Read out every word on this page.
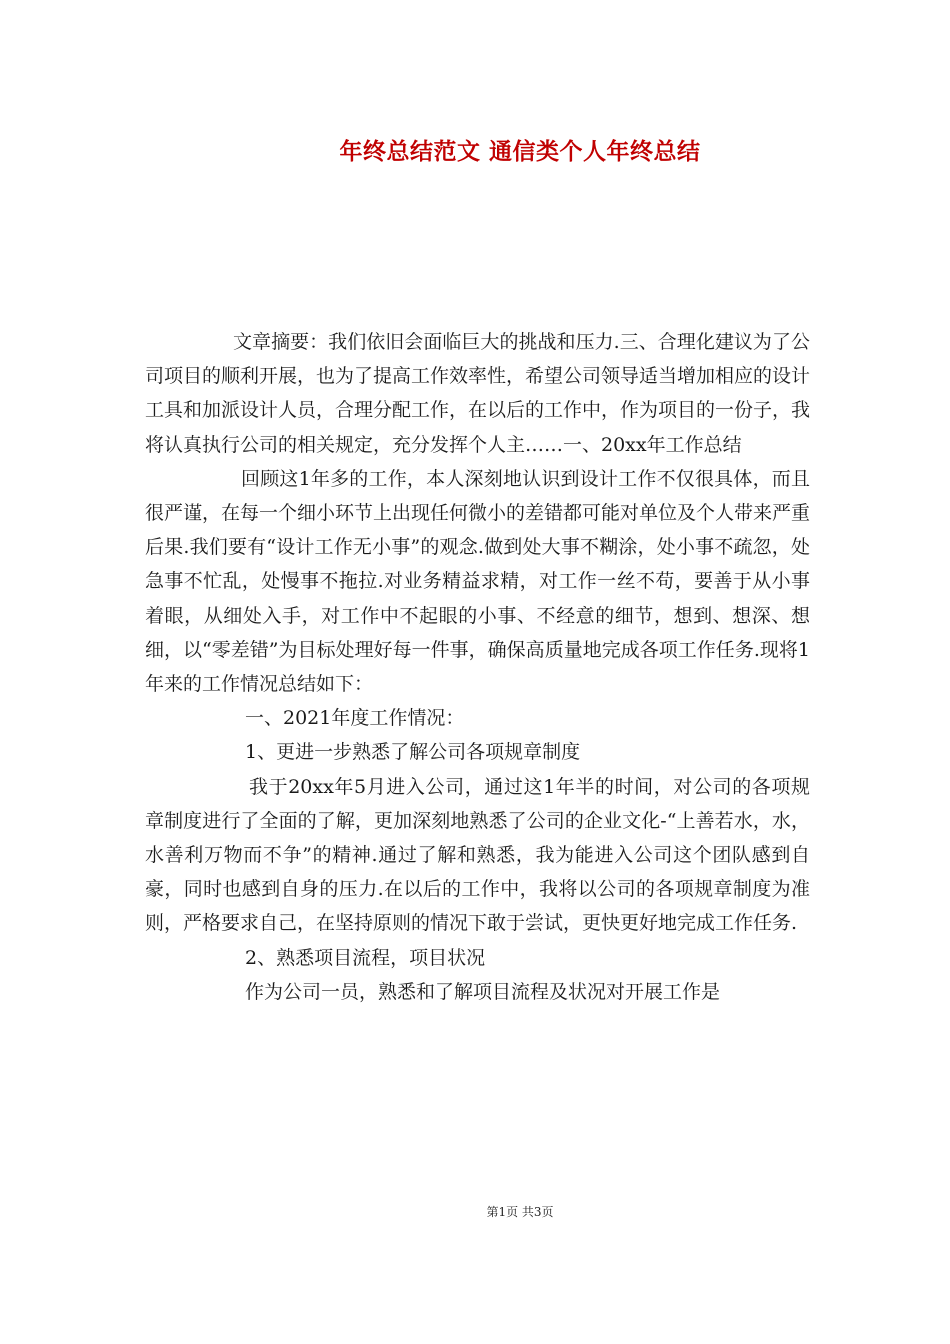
年终总结范文 通信类个人年终总结

文章摘要：我们依旧会面临巨大的挑战和压力.三、合理化建议为了公司项目的顺利开展，也为了提高工作效率性，希望公司领导适当增加相应的设计工具和加派设计人员，合理分配工作，在以后的工作中，作为项目的一份子，我将认真执行公司的相关规定，充分发挥个人主……一、20xx年工作总结

回顾这1年多的工作，本人深刻地认识到设计工作不仅很具体，而且很严谨，在每一个细小环节上出现任何微小的差错都可能对单位及个人带来严重后果.我们要有“设计工作无小事”的观念.做到处大事不糊涂，处小事不疏忽，处急事不忙乱，处慢事不拖拉.对业务精益求精，对工作一丝不苟，要善于从小事着眼，从细处入手，对工作中不起眼的小事、不经意的细节，想到、想深、想细，以“零差错”为目标处理好每一件事，确保高质量地完成各项工作任务.现将1年来的工作情况总结如下：

一、2021年度工作情况：

1、更进一步熟悉了解公司各项规章制度

我于20xx年5月进入公司，通过这1年半的时间，对公司的各项规章制度进行了全面的了解，更加深刻地熟悉了公司的企业文化-“上善若水，水，水善利万物而不争”的精神.通过了解和熟悉，我为能进入公司这个团队感到自豪，同时也感到自身的压力.在以后的工作中，我将以公司的各项规章制度为准则，严格要求自己，在坚持原则的情况下敢于尝试，更快更好地完成工作任务.

2、熟悉项目流程，项目状况

作为公司一员，熟悉和了解项目流程及状况对开展工作是

第1页 共3页
